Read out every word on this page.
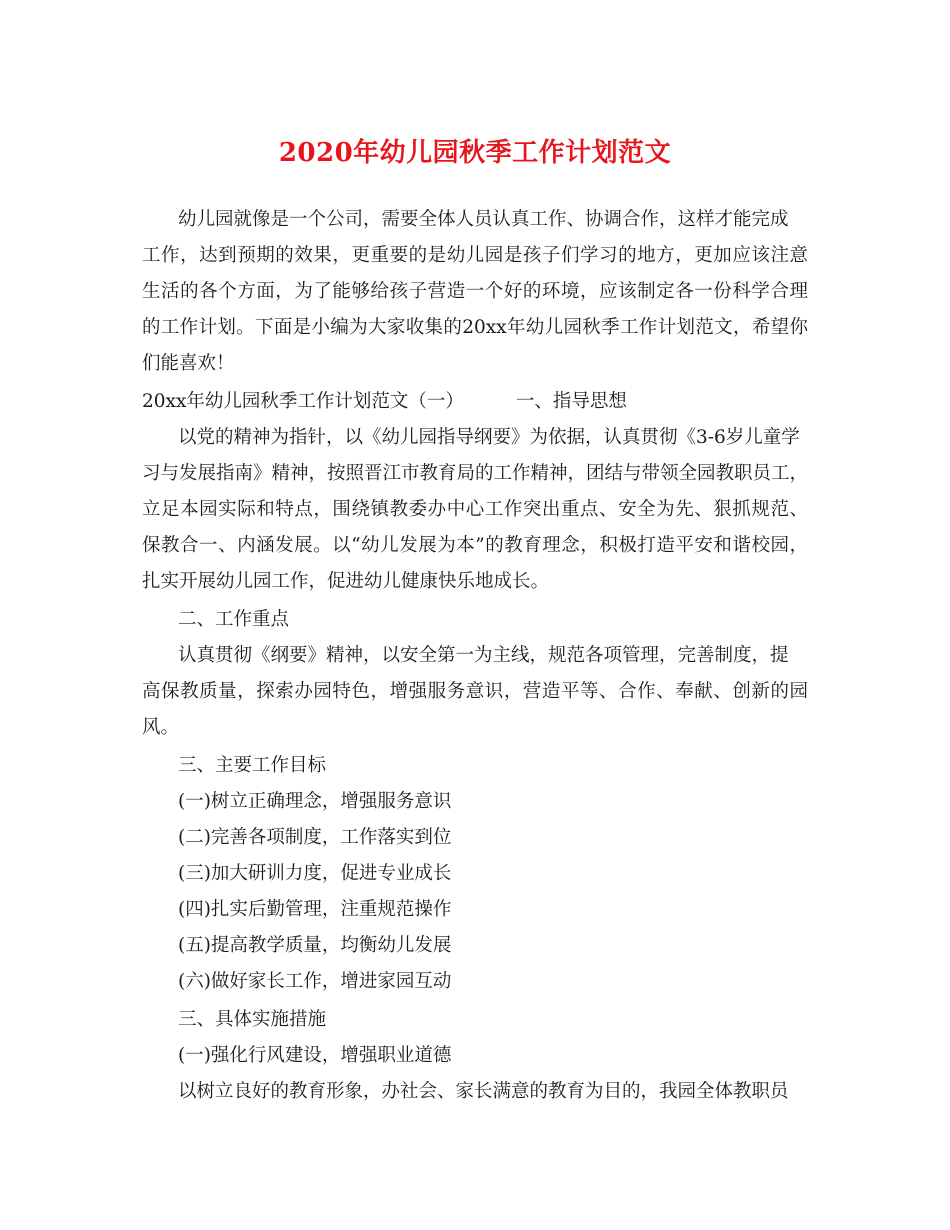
2020年幼儿园秋季工作计划范文
幼儿园就像是一个公司，需要全体人员认真工作、协调合作，这样才能完成
工作，达到预期的效果，更重要的是幼儿园是孩子们学习的地方，更加应该注意
生活的各个方面，为了能够给孩子营造一个好的环境，应该制定各一份科学合理
的工作计划。下面是小编为大家收集的20xx年幼儿园秋季工作计划范文，希望你
们能喜欢！
20xx年幼儿园秋季工作计划范文（一）	一、指导思想
以党的精神为指针，以《幼儿园指导纲要》为依据，认真贯彻《3-6岁儿童学
习与发展指南》精神，按照晋江市教育局的工作精神，团结与带领全园教职员工，
立足本园实际和特点，围绕镇教委办中心工作突出重点、安全为先、狠抓规范、
保教合一、内涵发展。以“幼儿发展为本”的教育理念，积极打造平安和谐校园，
扎实开展幼儿园工作，促进幼儿健康快乐地成长。
二、工作重点
认真贯彻《纲要》精神，以安全第一为主线，规范各项管理，完善制度，提
高保教质量，探索办园特色，增强服务意识，营造平等、合作、奉献、创新的园
风。
三、主要工作目标
(一)树立正确理念，增强服务意识
(二)完善各项制度，工作落实到位
(三)加大研训力度，促进专业成长
(四)扎实后勤管理，注重规范操作
(五)提高教学质量，均衡幼儿发展
(六)做好家长工作，增进家园互动
三、具体实施措施
(一)强化行风建设，增强职业道德
以树立良好的教育形象，办社会、家长满意的教育为目的，我园全体教职员
